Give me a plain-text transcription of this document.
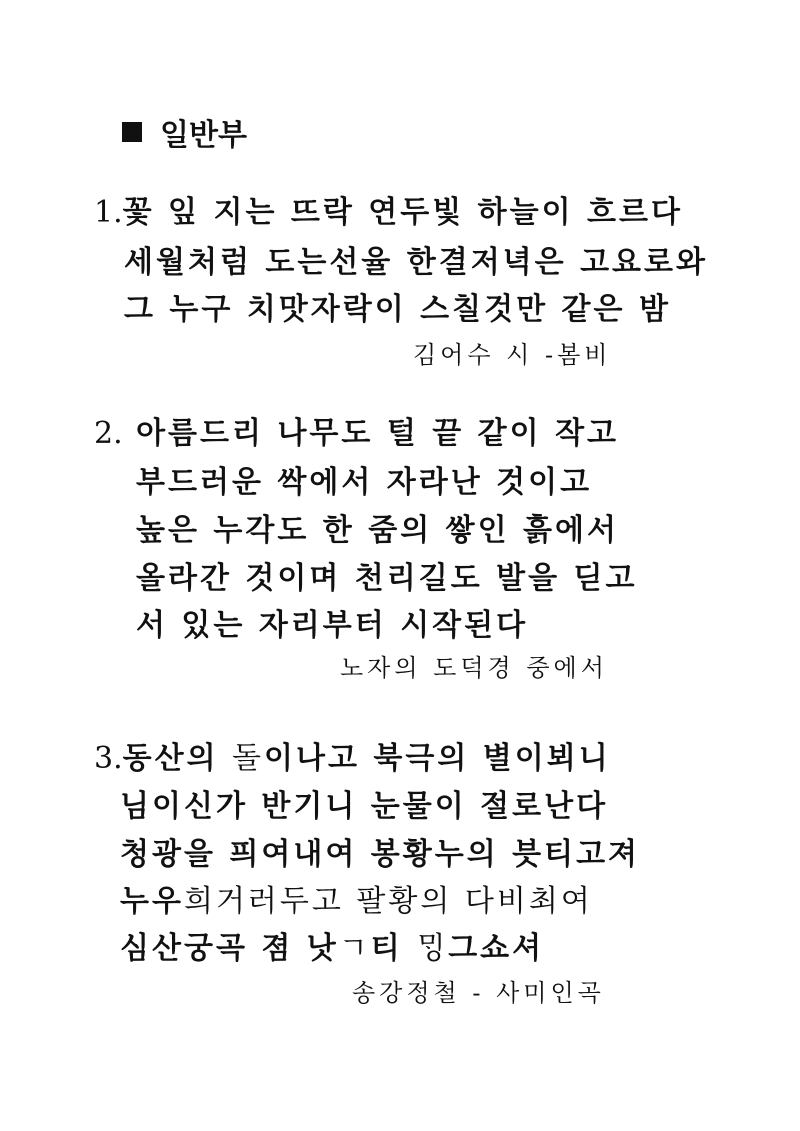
일반부
1.꽃 잎 지는 뜨락 연두빛 하늘이 흐르다
세월처럼 도는선율 한결저녁은 고요로와
그 누구 치맛자락이 스칠것만 같은 밤
김어수 시 -봄비
2. 아름드리 나무도 털 끝 같이 작고
부드러운 싹에서 자라난 것이고
높은 누각도 한 줌의 쌓인 흙에서
올라간 것이며 천리길도 발을 딛고
서 있는 자리부터 시작된다
노자의 도덕경 중에서
3.동산의 돌이나고 북극의 별이뵈니
님이신가 반기니 눈물이 절로난다
청광을 픠여내여 봉황누의 븟티고져
누우희거러두고 팔황의 다비최여
심산궁곡 졈 낫ㄱ티 ᄆᆡᆼ그쇼셔
송강정철 - 사미인곡
